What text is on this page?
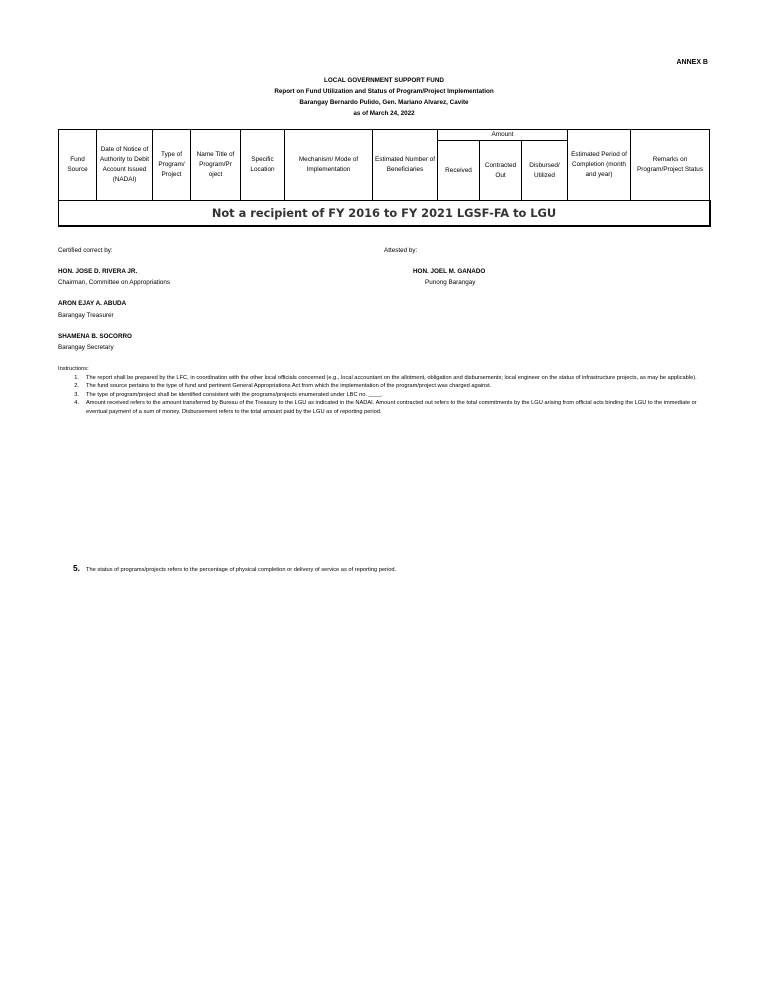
ANNEX B
LOCAL GOVERNMENT SUPPORT FUND
Report on Fund Utilization and Status of Program/Project Implementation
Barangay Bernardo Pulido, Gen. Mariano Alvarez, Cavite
as of March 24, 2022
Fund Source	Date of Notice of Authority to Debit Account Issued (NADAI)	Type of Program/ Project	Name Title of Program/Pr oject	Specific Location	Mechanism/ Mode of Implementation	Estimated Number of Beneficiaries	Amount			Estimated Period of Completion (month and year)	Remarks on Program/Project Status
							Received	Contracted Out	Disbursed/ Utilized		
Not a recipient of FY 2016 to FY 2021 LGSF-FA to LGU
Certified correct by:	Attested by:
HON. JOSE D. RIVERA JR.
Chairman, Committee on Appropriations
HON. JOEL M. GANADO
Punong Barangay
ARON EJAY A. ABUDA
Barangay Treasurer
SHAMENA B. SOCORRO
Barangay Secretary
Instructions:
1.	The report shall be prepared by the LFC, in coordination with the other local officials concerned (e.g., local accountant on the allotment, obligation and disbursements; local engineer on the status of infrastructure projects, as may be applicable).
2.	The fund source pertains to the type of fund and pertinent General Appropriations Act from which the implementation of the program/project was charged against.
3.	The type of program/project shall be identified consistent with the programs/projects enumerated under LBC no. ____.
4.	Amount received refers to the amount transferred by Bureau of the Treasury to the LGU as indicated in the NADAI. Amount contracted out refers to the total commitments by the LGU arising from official acts binding the LGU to the immediate or eventual payment of a sum of money. Disbursement refers to the total amount paid by the LGU as of reporting period.
5. The status of programs/projects refers to the percentage of physical completion or delivery of service as of reporting period.
